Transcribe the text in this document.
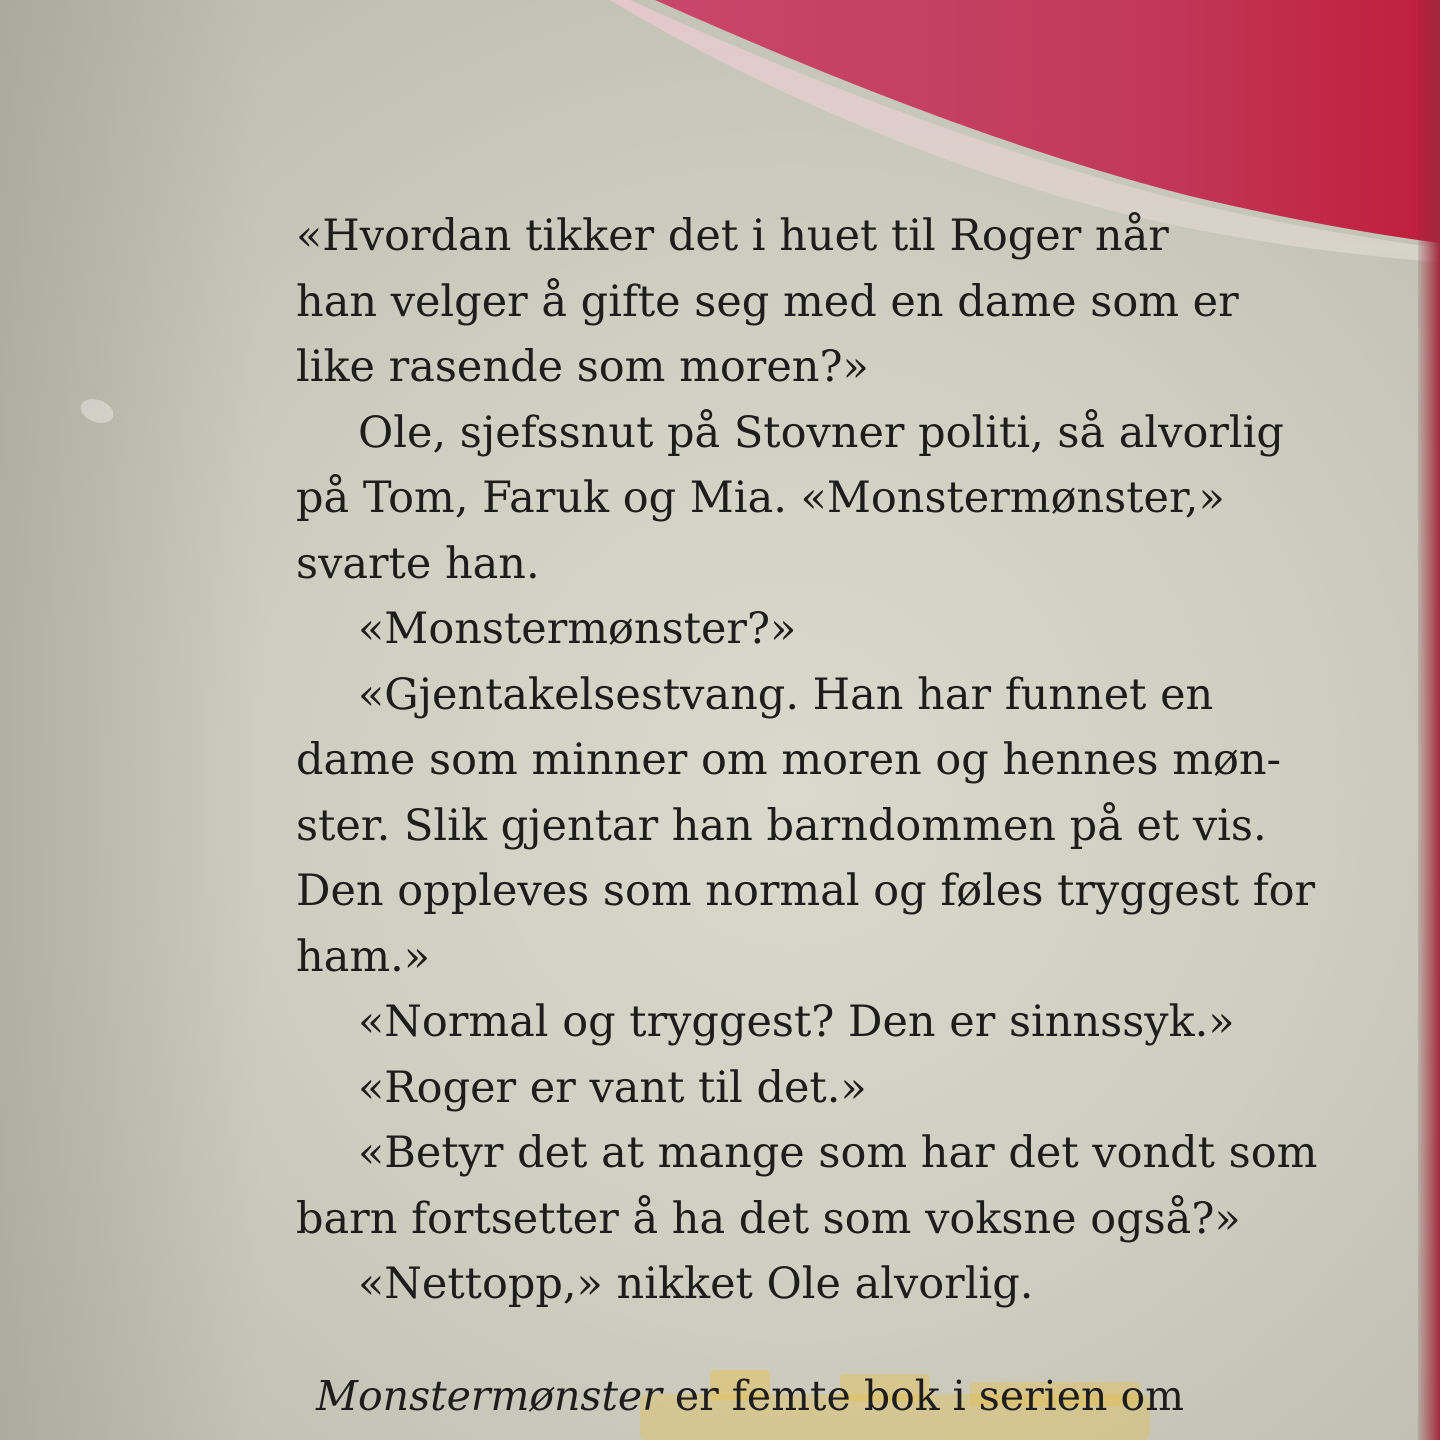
«Hvordan tikker det i huet til Roger når
han velger å gifte seg med en dame som er
like rasende som moren?»
Ole, sjefssnut på Stovner politi, så alvorlig
på Tom, Faruk og Mia. «Monstermønster,»
svarte han.
«Monstermønster?»
«Gjentakelsestvang. Han har funnet en
dame som minner om moren og hennes møn-
ster. Slik gjentar han barndommen på et vis.
Den oppleves som normal og føles tryggest for
ham.»
«Normal og tryggest? Den er sinnssyk.»
«Roger er vant til det.»
«Betyr det at mange som har det vondt som
barn fortsetter å ha det som voksne også?»
«Nettopp,» nikket Ole alvorlig.
Monstermønster er femte bok i serien om
